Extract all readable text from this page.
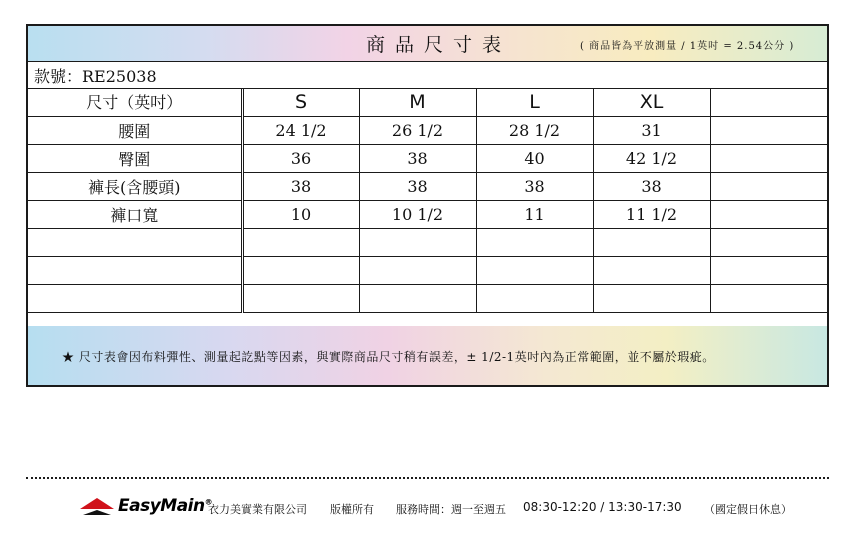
商品尺寸表	( 商品皆為平放測量 / 1英吋 = 2.54公分 )
款號：RE25038
尺寸（英吋）	S	M	L	XL	
腰圍	24 1/2	26 1/2	28 1/2	31	
臀圍	36	38	40	42 1/2	
褲長(含腰頭)	38	38	38	38	
褲口寬	10	10 1/2	11	11 1/2	

★ 尺寸表會因布料彈性、測量起訖點等因素，與實際商品尺寸稍有誤差，± 1/2-1英吋內為正常範圍，並不屬於瑕疵。
EasyMain®
衣力美實業有限公司 版權所有 服務時間：週一至週五 08:30-12:20 / 13:30-17:30 （國定假日休息）
